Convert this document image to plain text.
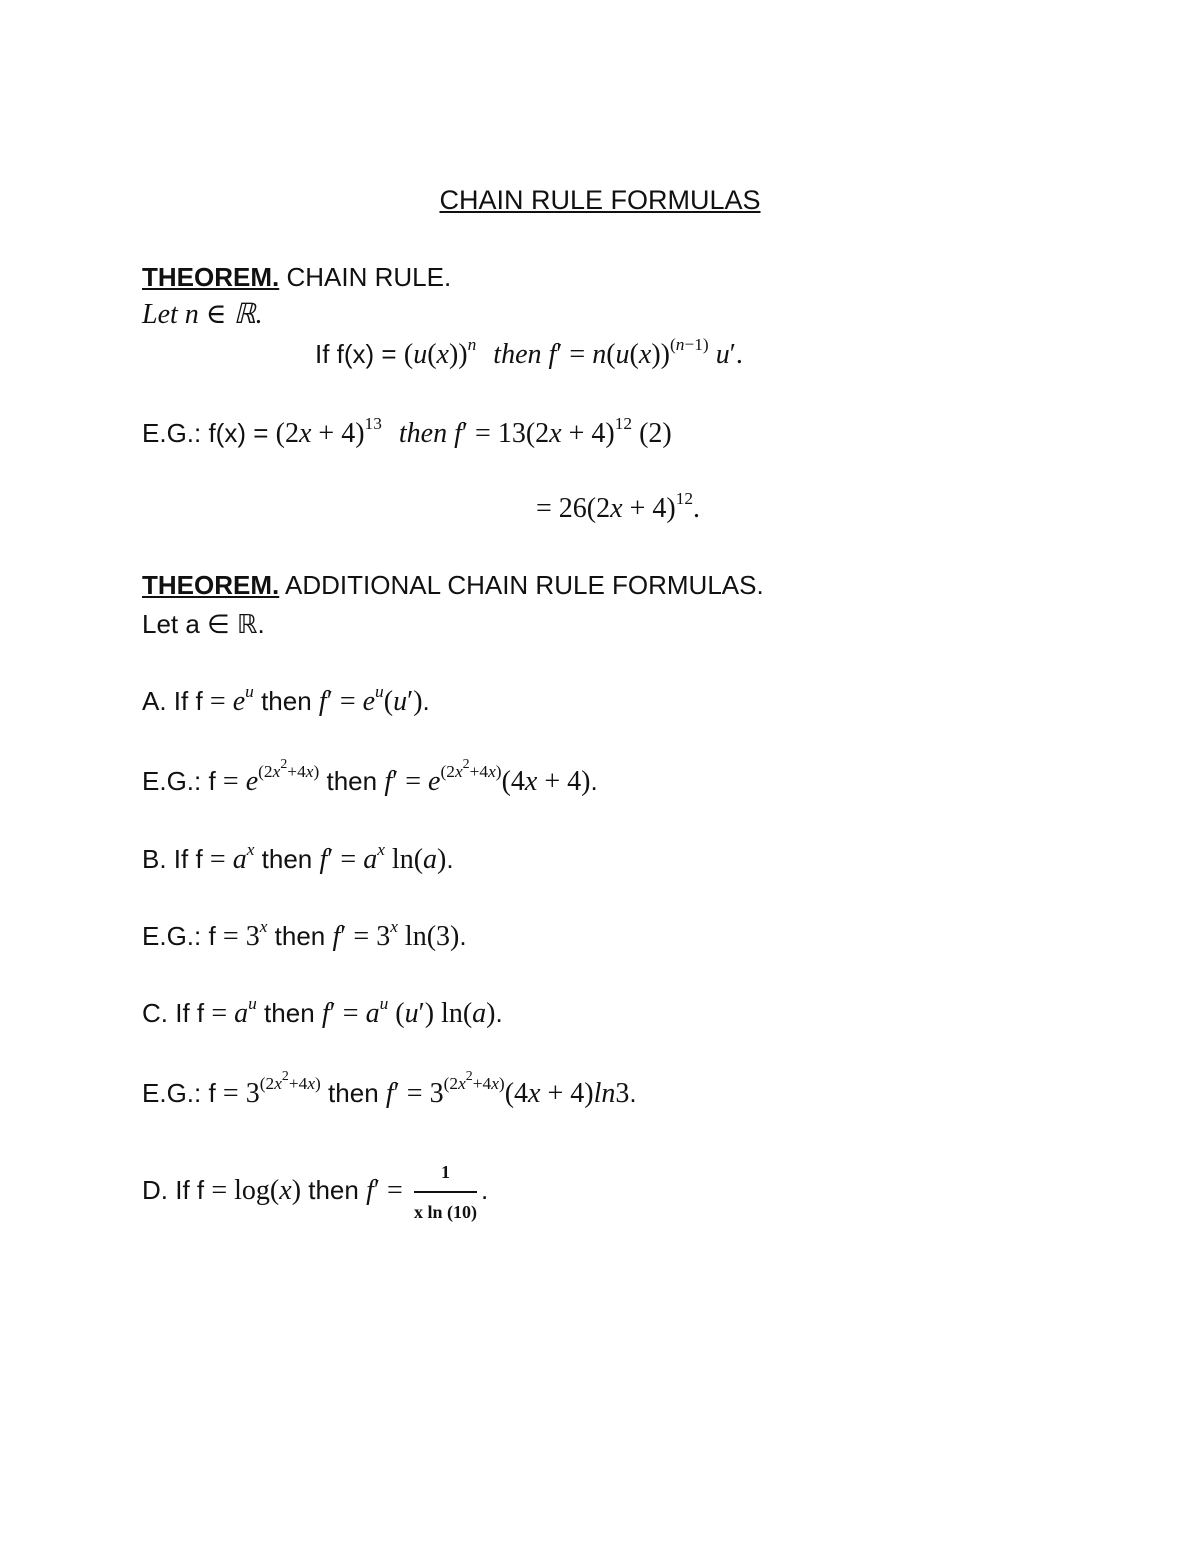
CHAIN RULE FORMULAS
THEOREM. CHAIN RULE.
Let n ∈ ℝ.
If $f(x) = (u(x))^n$ then $f' = n(u(x))^{(n-1)}$ u′.
E.G.: $f(x) = (2x + 4)^{13}$ then $f' = 13(2x + 4)^{12}$ (2)
= $26(2x + 4)^{12}$.
THEOREM. ADDITIONAL CHAIN RULE FORMULAS.
Let a ∈ ℝ.
A. If $f = e^u$ then $f' = e^u(u')$.
E.G.: $f = e^{(2x^2+4x)}$ then $f' = e^{(2x^2+4x)}(4x + 4)$.
B. If $f = a^x$ then $f' = a^x$ ln(a).
E.G.: $f = 3^x$ then $f' = 3^x$ ln(3).
C. If $f = a^u$ then $f' = a^u$ (u′) ln(a).
E.G.: $f = 3^{(2x^2+4x)}$ then $f' = 3^{(2x^2+4x)}(4x + 4)\ln 3$.
D. If f = log(x) then $f' = \frac{1}{\text{x ln (10)}}$ .
